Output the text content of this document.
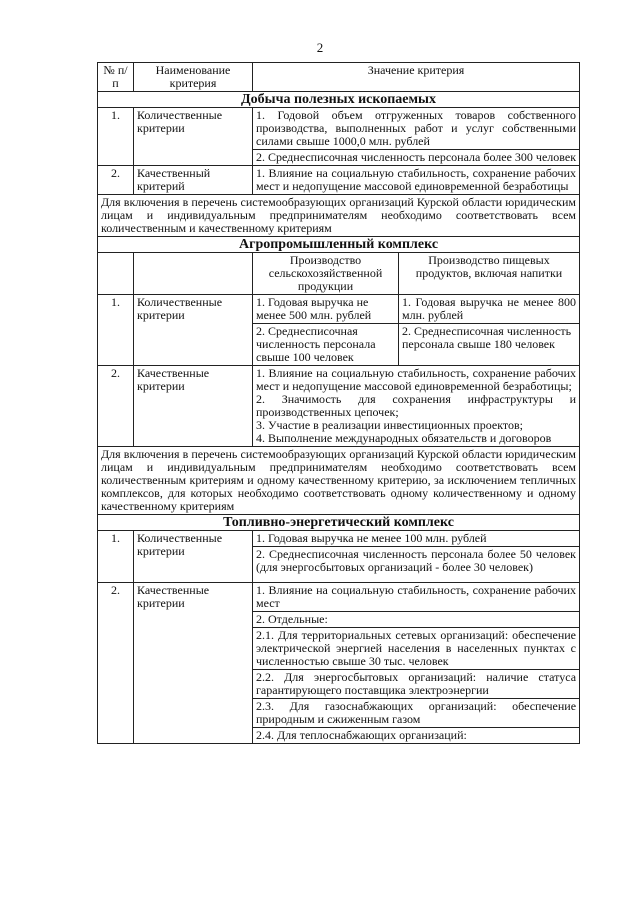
2
№ п/п	Наименование критерия	Значение критерия	
Добыча полезных ископаемых			
1.	Количественные критерии	1. Годовой объем отгруженных товаров собственного производства, выполненных работ и услуг собственными силами свыше 1000,0 млн. рублей	
		2. Среднесписочная численность персонала более 300 человек	
2.	Качественный критерий	1. Влияние на социальную стабильность, сохранение рабочих мест и недопущение массовой единовременной безработицы	
Для включения в перечень системообразующих организаций Курской области юридическим лицам и индивидуальным предпринимателям необходимо соответствовать всем количественным и качественному критериям			
Агропромышленный комплекс			
		Производство сельскохозяйственной продукции	Производство пищевых продуктов, включая напитки
1.	Количественные критерии	1. Годовая выручка не менее 500 млн. рублей	1. Годовая выручка не менее 800 млн. рублей
		2. Среднесписочная численность персонала свыше 100 человек	2. Среднесписочная численность персонала свыше 180 человек
2.	Качественные критерии	1. Влияние на социальную стабильность, сохранение рабочих мест и недопущение массовой единовременной безработицы;
2. Значимость для сохранения инфраструктуры и производственных цепочек;
3. Участие в реализации инвестиционных проектов;
4. Выполнение международных обязательств и договоров	

Для включения в перечень системообразующих организаций Курской области юридическим лицам и индивидуальным предпринимателям необходимо соответствовать всем количественным критериям и одному качественному критерию, за исключением тепличных комплексов, для которых необходимо соответствовать одному количественному и одному качественному критериям			
Топливно-энергетический комплекс			
1.	Количественные критерии	1. Годовая выручка не менее 100 млн. рублей	
		2. Среднесписочная численность персонала более 50 человек (для энергосбытовых организаций - более 30 человек)	
2.	Качественные критерии	1. Влияние на социальную стабильность, сохранение рабочих мест	
		2. Отдельные:	
		2.1. Для территориальных сетевых организаций: обеспечение электрической энергией населения в населенных пунктах с численностью свыше 30 тыс. человек	
		2.2. Для энергосбытовых организаций: наличие статуса гарантирующего поставщика электроэнергии	
		2.3. Для газоснабжающих организаций: обеспечение природным и сжиженным газом	
		2.4. Для теплоснабжающих организаций:	
